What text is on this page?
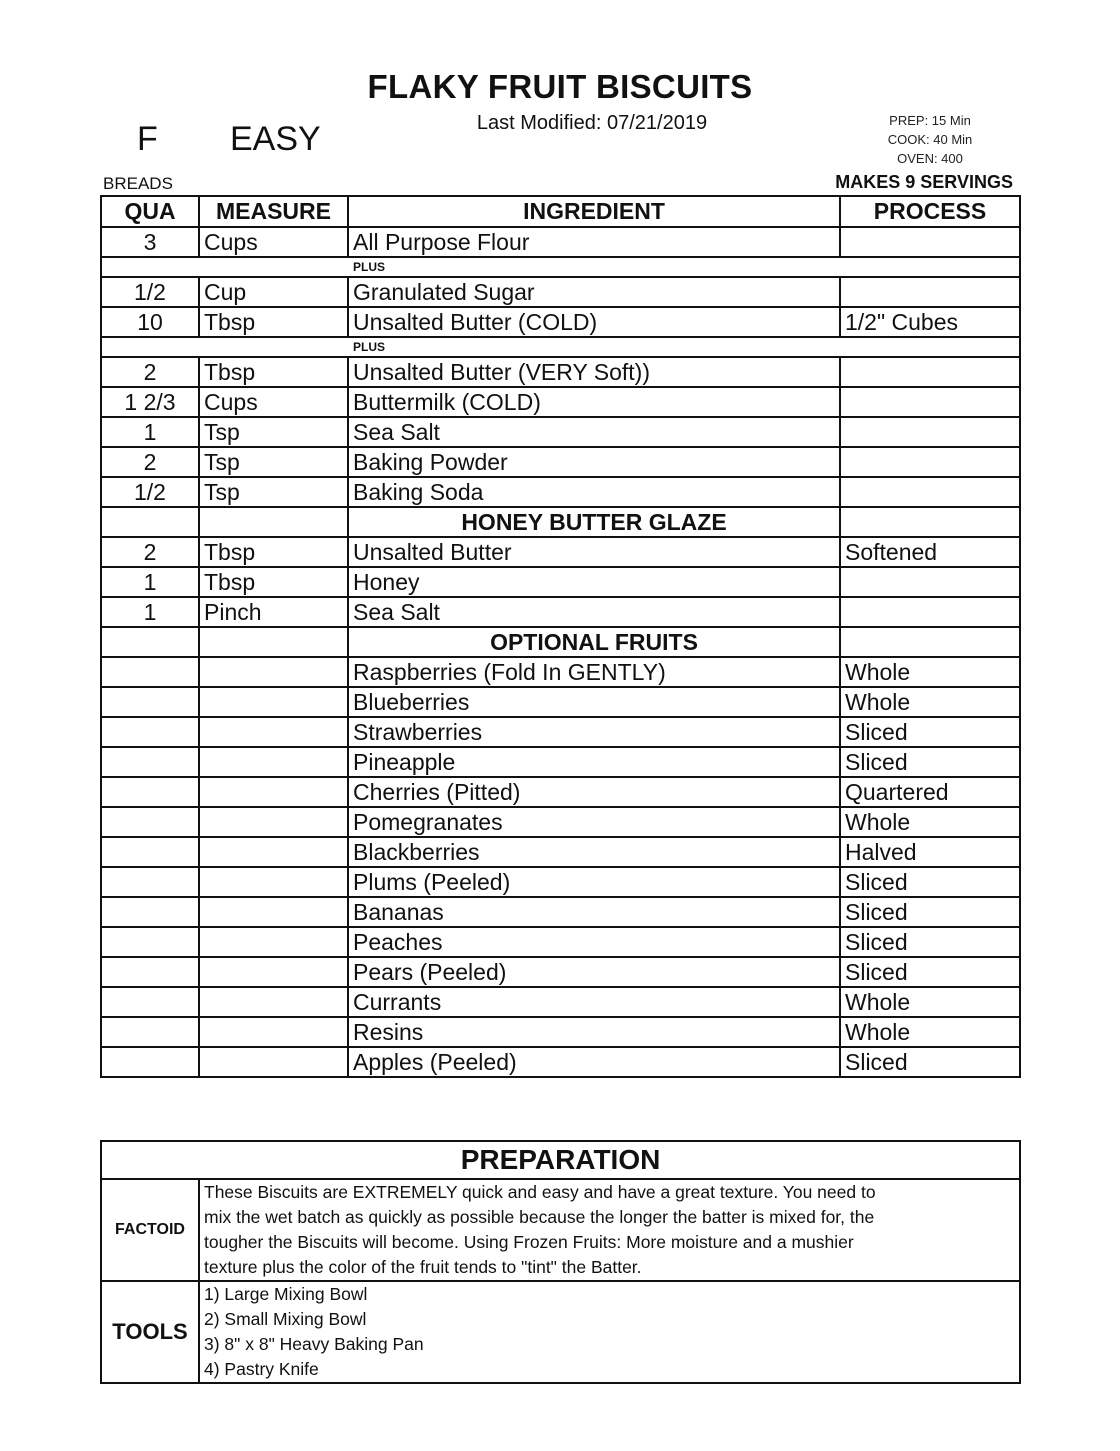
FLAKY FRUIT BISCUITS
Last Modified: 07/21/2019
F EASY	PREP: 15 Min
COOK: 40 Min
OVEN: 400
BREADS	MAKES 9 SERVINGS
QUA	MEASURE	INGREDIENT	PROCESS
3	Cups	All Purpose Flour	
PLUS			
1/2	Cup	Granulated Sugar	
10	Tbsp	Unsalted Butter (COLD)	1/2" Cubes
PLUS			
2	Tbsp	Unsalted Butter (VERY Soft))	
1 2/3	Cups	Buttermilk (COLD)	
1	Tsp	Sea Salt	
2	Tsp	Baking Powder	
1/2	Tsp	Baking Soda	
		HONEY BUTTER GLAZE	
2	Tbsp	Unsalted Butter	Softened
1	Tbsp	Honey	
1	Pinch	Sea Salt	
		OPTIONAL FRUITS	
		Raspberries (Fold In GENTLY)	Whole
		Blueberries	Whole
		Strawberries	Sliced
		Pineapple	Sliced
		Cherries (Pitted)	Quartered
		Pomegranates	Whole
		Blackberries	Halved
		Plums (Peeled)	Sliced
		Bananas	Sliced
		Peaches	Sliced
		Pears (Peeled)	Sliced
		Currants	Whole
		Resins	Whole
		Apples (Peeled)	Sliced
PREPARATION	
FACTOID	These Biscuits are EXTREMELY quick and easy and have a great texture. You need to
mix the wet batch as quickly as possible because the longer the batter is mixed for, the
tougher the Biscuits will become. Using Frozen Fruits: More moisture and a mushier
texture plus the color of the fruit tends to "tint" the Batter.

TOOLS	1) Large Mixing Bowl
2) Small Mixing Bowl
3) 8" x 8" Heavy Baking Pan
4) Pastry Knife
